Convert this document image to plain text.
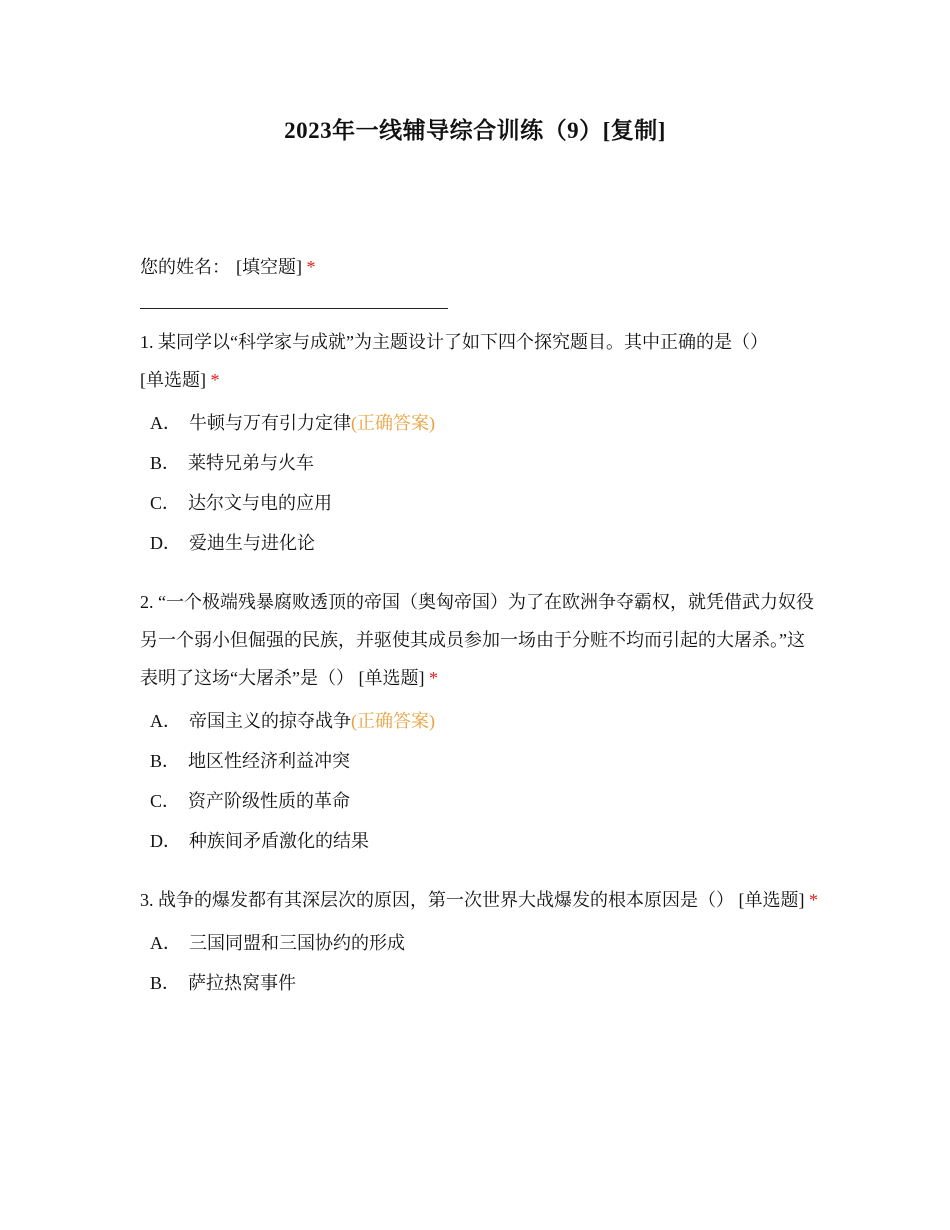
2023年一线辅导综合训练（9）[复制]

您的姓名： [填空题] *

1. 某同学以“科学家与成就”为主题设计了如下四个探究题目。其中正确的是（）
[单选题] *

A． 牛顿与万有引力定律(正确答案)
B． 莱特兄弟与火车
C． 达尔文与电的应用
D． 爱迪生与进化论

2. “一个极端残暴腐败透顶的帝国（奥匈帝国）为了在欧洲争夺霸权，就凭借武力奴役另一个弱小但倔强的民族，并驱使其成员参加一场由于分赃不均而引起的大屠杀。”这表明了这场“大屠杀”是（） [单选题] *

A． 帝国主义的掠夺战争(正确答案)
B． 地区性经济利益冲突
C． 资产阶级性质的革命
D． 种族间矛盾激化的结果

3. 战争的爆发都有其深层次的原因，第一次世界大战爆发的根本原因是（） [单选题] *

A． 三国同盟和三国协约的形成
B． 萨拉热窝事件
